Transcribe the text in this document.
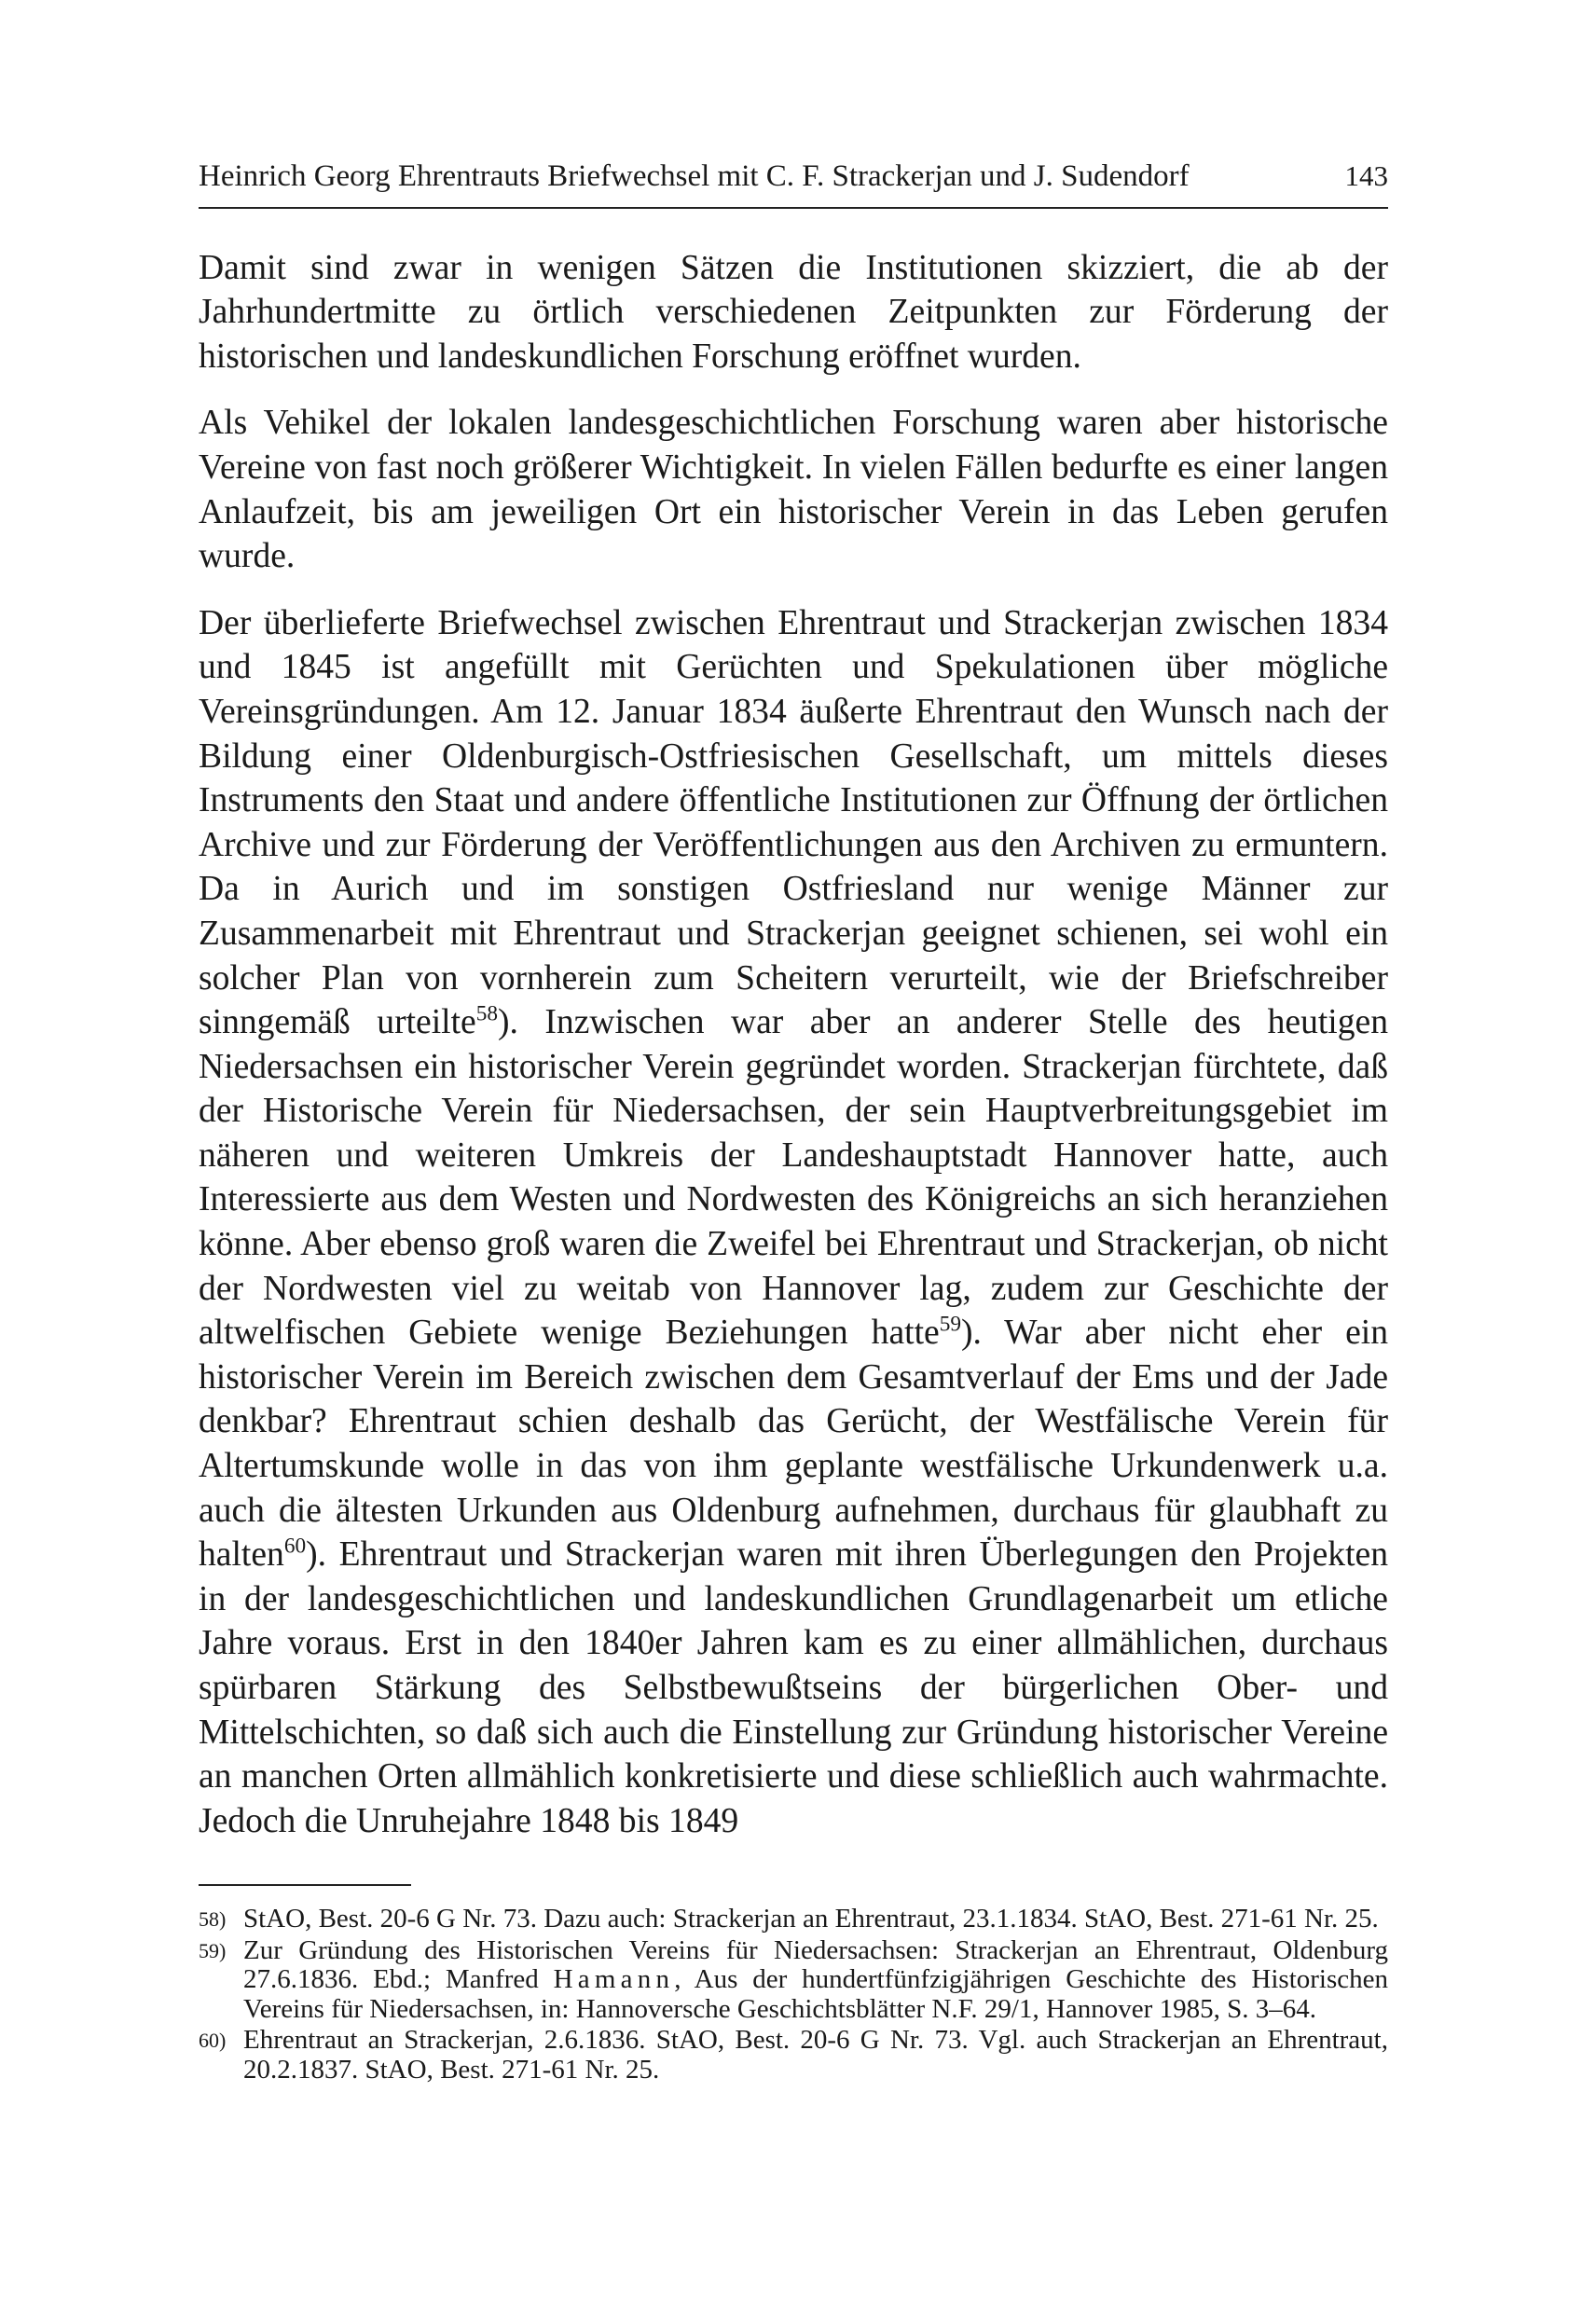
Heinrich Georg Ehrentrauts Briefwechsel mit C. F. Strackerjan und J. Sudendorf	143

Damit sind zwar in wenigen Sätzen die Institutionen skizziert, die ab der Jahrhundertmitte zu örtlich verschiedenen Zeitpunkten zur Förderung der historischen und landeskundlichen Forschung eröffnet wurden.

Als Vehikel der lokalen landesgeschichtlichen Forschung waren aber historische Vereine von fast noch größerer Wichtigkeit. In vielen Fällen bedurfte es einer langen Anlaufzeit, bis am jeweiligen Ort ein historischer Verein in das Leben gerufen wurde.

Der überlieferte Briefwechsel zwischen Ehrentraut und Strackerjan zwischen 1834 und 1845 ist angefüllt mit Gerüchten und Spekulationen über mögliche Vereinsgründungen. Am 12. Januar 1834 äußerte Ehrentraut den Wunsch nach der Bildung einer Oldenburgisch-Ostfriesischen Gesellschaft, um mittels dieses Instruments den Staat und andere öffentliche Institutionen zur Öffnung der örtlichen Archive und zur Förderung der Veröffentlichungen aus den Archiven zu ermuntern. Da in Aurich und im sonstigen Ostfriesland nur wenige Männer zur Zusammenarbeit mit Ehrentraut und Strackerjan geeignet schienen, sei wohl ein solcher Plan von vornherein zum Scheitern verurteilt, wie der Briefschreiber sinngemäß urteilte$^{58}$). Inzwischen war aber an anderer Stelle des heutigen Niedersachsen ein historischer Verein gegründet worden. Strackerjan fürchtete, daß der Historische Verein für Niedersachsen, der sein Hauptverbreitungsgebiet im näheren und weiteren Umkreis der Landeshauptstadt Hannover hatte, auch Interessierte aus dem Westen und Nordwesten des Königreichs an sich heranziehen könne. Aber ebenso groß waren die Zweifel bei Ehrentraut und Strackerjan, ob nicht der Nordwesten viel zu weitab von Hannover lag, zudem zur Geschichte der altwelfischen Gebiete wenige Beziehungen hatte$^{59}$). War aber nicht eher ein historischer Verein im Bereich zwischen dem Gesamtverlauf der Ems und der Jade denkbar? Ehrentraut schien deshalb das Gerücht, der Westfälische Verein für Altertumskunde wolle in das von ihm geplante westfälische Urkundenwerk u.a. auch die ältesten Urkunden aus Oldenburg aufnehmen, durchaus für glaubhaft zu halten$^{60}$). Ehrentraut und Strackerjan waren mit ihren Überlegungen den Projekten in der landesgeschichtlichen und landeskundlichen Grundlagenarbeit um etliche Jahre voraus. Erst in den 1840er Jahren kam es zu einer allmählichen, durchaus spürbaren Stärkung des Selbstbewußtseins der bürgerlichen Ober- und Mittelschichten, so daß sich auch die Einstellung zur Gründung historischer Vereine an manchen Orten allmählich konkretisierte und diese schließlich auch wahrmachte. Jedoch die Unruhejahre 1848 bis 1849

58) StAO, Best. 20-6 G Nr. 73. Dazu auch: Strackerjan an Ehrentraut, 23.1.1834. StAO, Best. 271-61 Nr. 25.
59) Zur Gründung des Historischen Vereins für Niedersachsen: Strackerjan an Ehrentraut, Oldenburg 27.6.1836. Ebd.; Manfred Hamann, Aus der hundertfünfzigjährigen Geschichte des Historischen Vereins für Niedersachsen, in: Hannoversche Geschichtsblätter N.F. 29/1, Hannover 1985, S. 3–64.
60) Ehrentraut an Strackerjan, 2.6.1836. StAO, Best. 20-6 G Nr. 73. Vgl. auch Strackerjan an Ehrentraut, 20.2.1837. StAO, Best. 271-61 Nr. 25.
